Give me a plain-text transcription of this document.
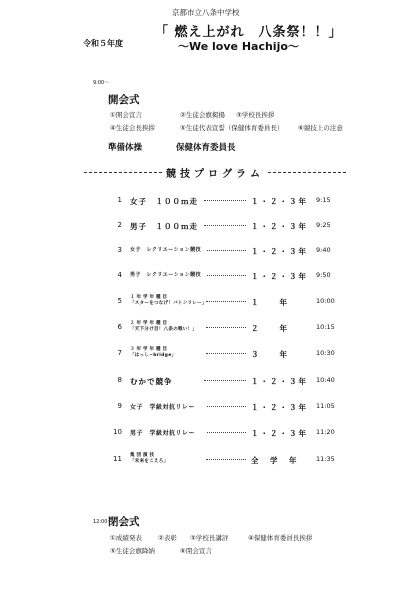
京都市立八条中学校
「 燃え上がれ　八条祭！！」
令和５年度	〜We love Hachijo〜
9:00〜
開会式
①開会宣言	②生徒会旗掲揚 ③学校長挨拶
④生徒会長挨拶	⑤生徒代表宣誓（保健体育委員長） ⑥競技上の注意
準備体操	保健体育委員長
競技プログラム
1 女子　１００ｍ走	１・２・３年 9:15
2 男子　１００ｍ走	１・２・３年 9:25
3 女子　レクリエーション競技	１・２・３年 9:40
4 男子　レクリエーション競技	１・２・３年 9:50
5 １年学年種目
「スターをつなげ！バトンリレー」	１　　年	10:00
6 ２年学年種目
「天下分け目！八条の戦い！」	２　　年	10:15
7 ３年学年種目
「はっし−bridge」	３　　年	10:30
8 むかで競争	１・２・３年 10:40
9 女子　学級対抗リレー	１・２・３年 11:05
10 男子　学級対抗リレー	１・２・３年 11:20
11 集団演技
「未来をこえろ」	全　学　年	11:35
12:00〜
閉会式
①成績発表 ②表彰 ③学校長講評	④保健体育委員長挨拶
⑤生徒会旗降納	⑥閉会宣言
